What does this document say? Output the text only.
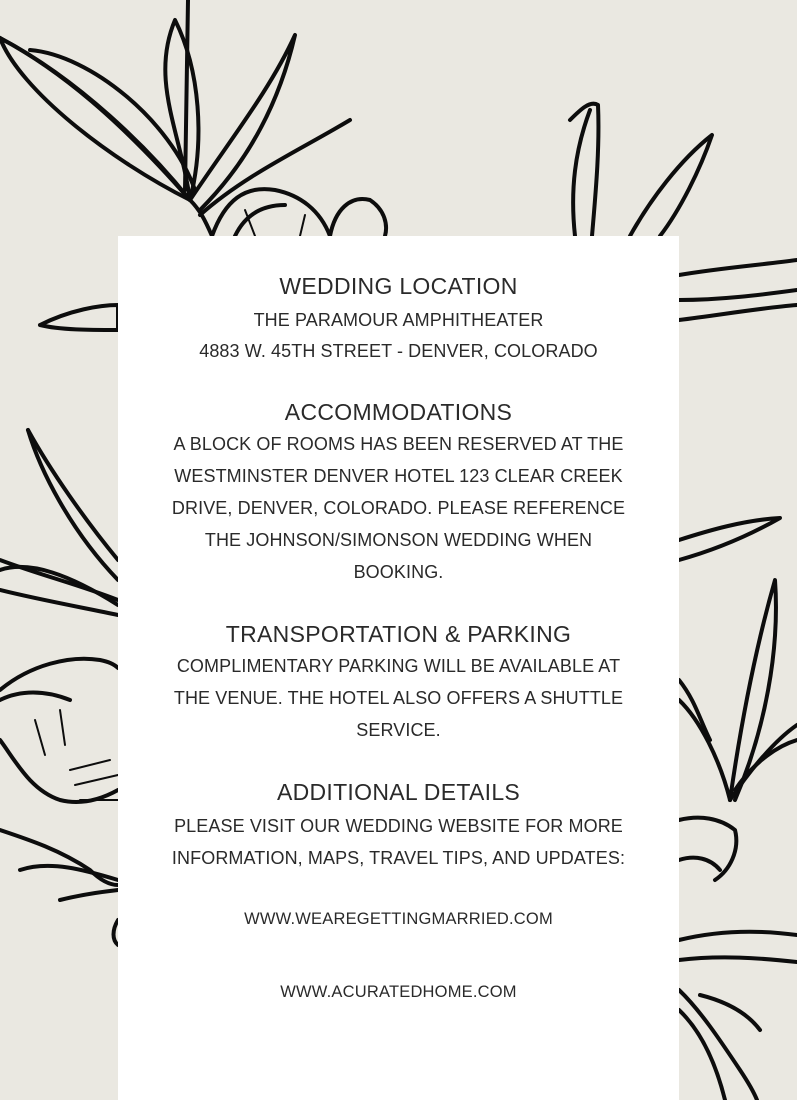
WEDDING LOCATION

THE PARAMOUR AMPHITHEATER

4883 W. 45TH STREET - DENVER, COLORADO

ACCOMMODATIONS

A BLOCK OF ROOMS HAS BEEN RESERVED AT THE WESTMINSTER DENVER HOTEL 123 CLEAR CREEK DRIVE, DENVER, COLORADO. PLEASE REFERENCE THE JOHNSON/SIMONSON WEDDING WHEN BOOKING.

TRANSPORTATION & PARKING

COMPLIMENTARY PARKING WILL BE AVAILABLE AT THE VENUE. THE HOTEL ALSO OFFERS A SHUTTLE SERVICE.

ADDITIONAL DETAILS

PLEASE VISIT OUR WEDDING WEBSITE FOR MORE INFORMATION, MAPS, TRAVEL TIPS, AND UPDATES:

WWW.WEAREGETTINGMARRIED.COM

WWW.ACURATEDHOME.COM
